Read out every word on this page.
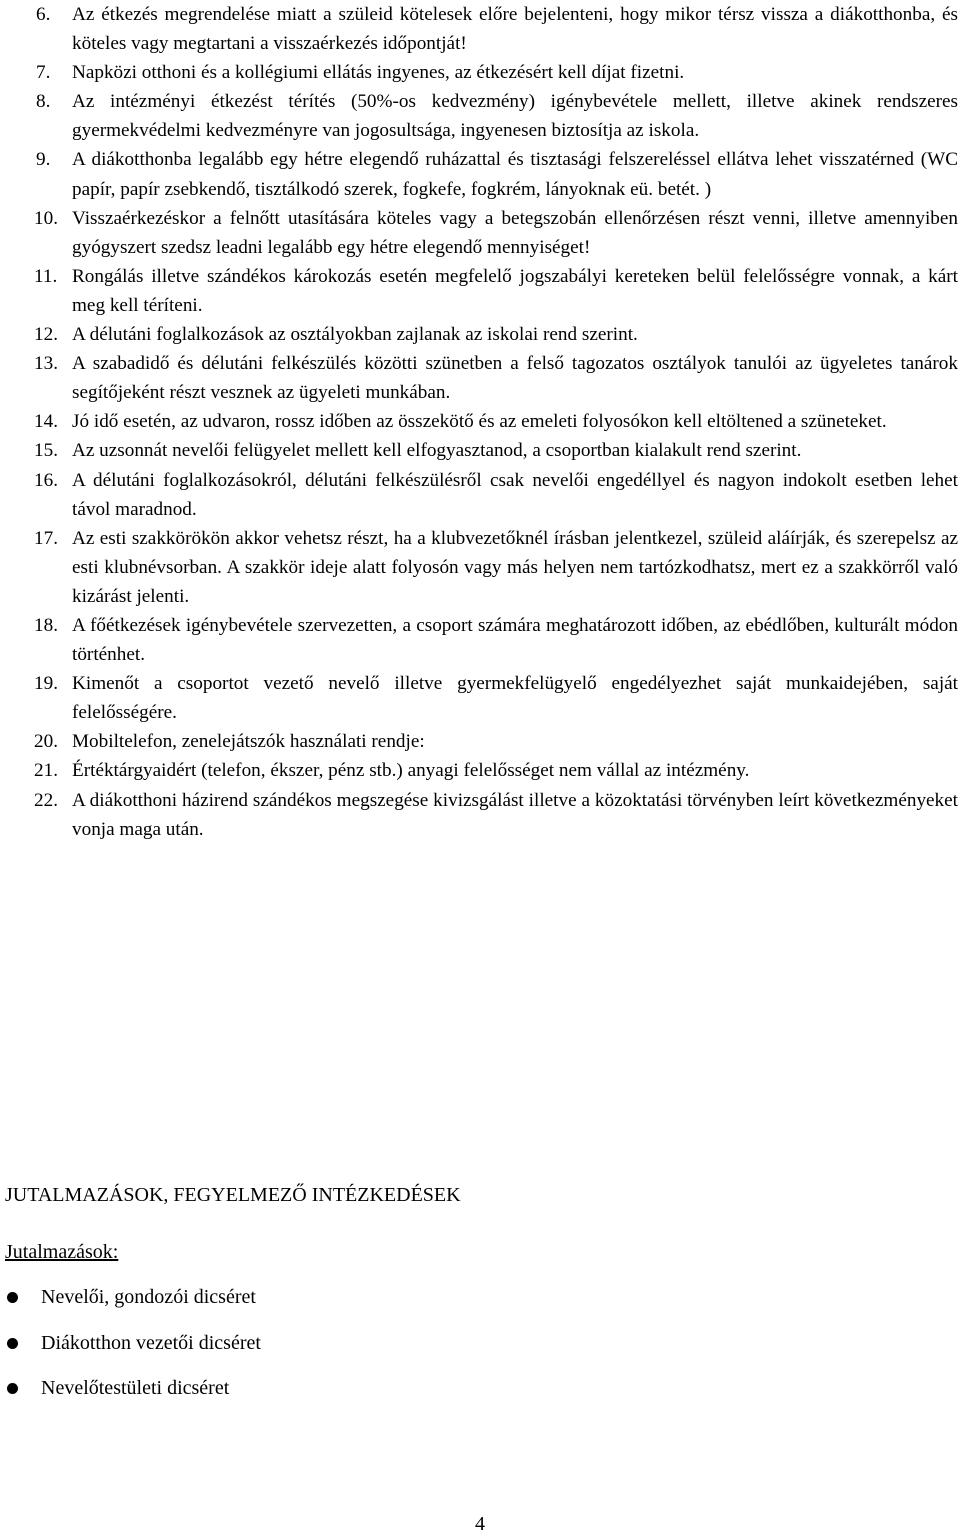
6. Az étkezés megrendelése miatt a szüleid kötelesek előre bejelenteni, hogy mikor térsz vissza a diákotthonba, és köteles vagy megtartani a visszaérkezés időpontját!
7. Napközi otthoni és a kollégiumi ellátás ingyenes, az étkezésért kell díjat fizetni.
8. Az intézményi étkezést térítés (50%-os kedvezmény) igénybevétele mellett, illetve akinek rendszeres gyermekvédelmi kedvezményre van jogosultsága, ingyenesen biztosítja az iskola.
9. A diákotthonba legalább egy hétre elegendő ruházattal és tisztasági felszereléssel ellátva lehet visszatérned (WC papír, papír zsebkendő, tisztálkodó szerek, fogkefe, fogkrém, lányoknak eü. betét. )
10. Visszaérkezéskor a felnőtt utasítására köteles vagy a betegszobán ellenőrzésen részt venni, illetve amennyiben gyógyszert szedsz leadni legalább egy hétre elegendő mennyiséget!
11. Rongálás illetve szándékos károkozás esetén megfelelő jogszabályi kereteken belül felelősségre vonnak, a kárt meg kell téríteni.
12. A délutáni foglalkozások az osztályokban zajlanak az iskolai rend szerint.
13. A szabadidő és délutáni felkészülés közötti szünetben a felső tagozatos osztályok tanulói az ügyeletes tanárok segítőjeként részt vesznek az ügyeleti munkában.
14. Jó idő esetén, az udvaron, rossz időben az összekötő és az emeleti folyosókon kell eltöltened a szüneteket.
15. Az uzsonnát nevelői felügyelet mellett kell elfogyasztanod, a csoportban kialakult rend szerint.
16. A délutáni foglalkozásokról, délutáni felkészülésről csak nevelői engedéllyel és nagyon indokolt esetben lehet távol maradnod.
17. Az esti szakkörökön akkor vehetsz részt, ha a klubvezetőknél írásban jelentkezel, szüleid aláírják, és szerepelsz az esti klubnévsorban. A szakkör ideje alatt folyosón vagy más helyen nem tartózkodhatsz, mert ez a szakkörről való kizárást jelenti.
18. A főétkezések igénybevétele szervezetten, a csoport számára meghatározott időben, az ebédlőben, kulturált módon történhet.
19. Kimenőt a csoportot vezető nevelő illetve gyermekfelügyelő engedélyezhet saját munkaidejében, saját felelősségére.
20. Mobiltelefon, zenelejátszók használati rendje:
21. Értéktárgyaidért (telefon, ékszer, pénz stb.) anyagi felelősséget nem vállal az intézmény.
22. A diákotthoni házirend szándékos megszegése kivizsgálást illetve a közoktatási törvényben leírt következményeket vonja maga után.
JUTALMAZÁSOK, FEGYELMEZŐ INTÉZKEDÉSEK
Jutalmazások:
Nevelői, gondozói dicséret
Diákotthon vezetői dicséret
Nevelőtestületi dicséret

4
